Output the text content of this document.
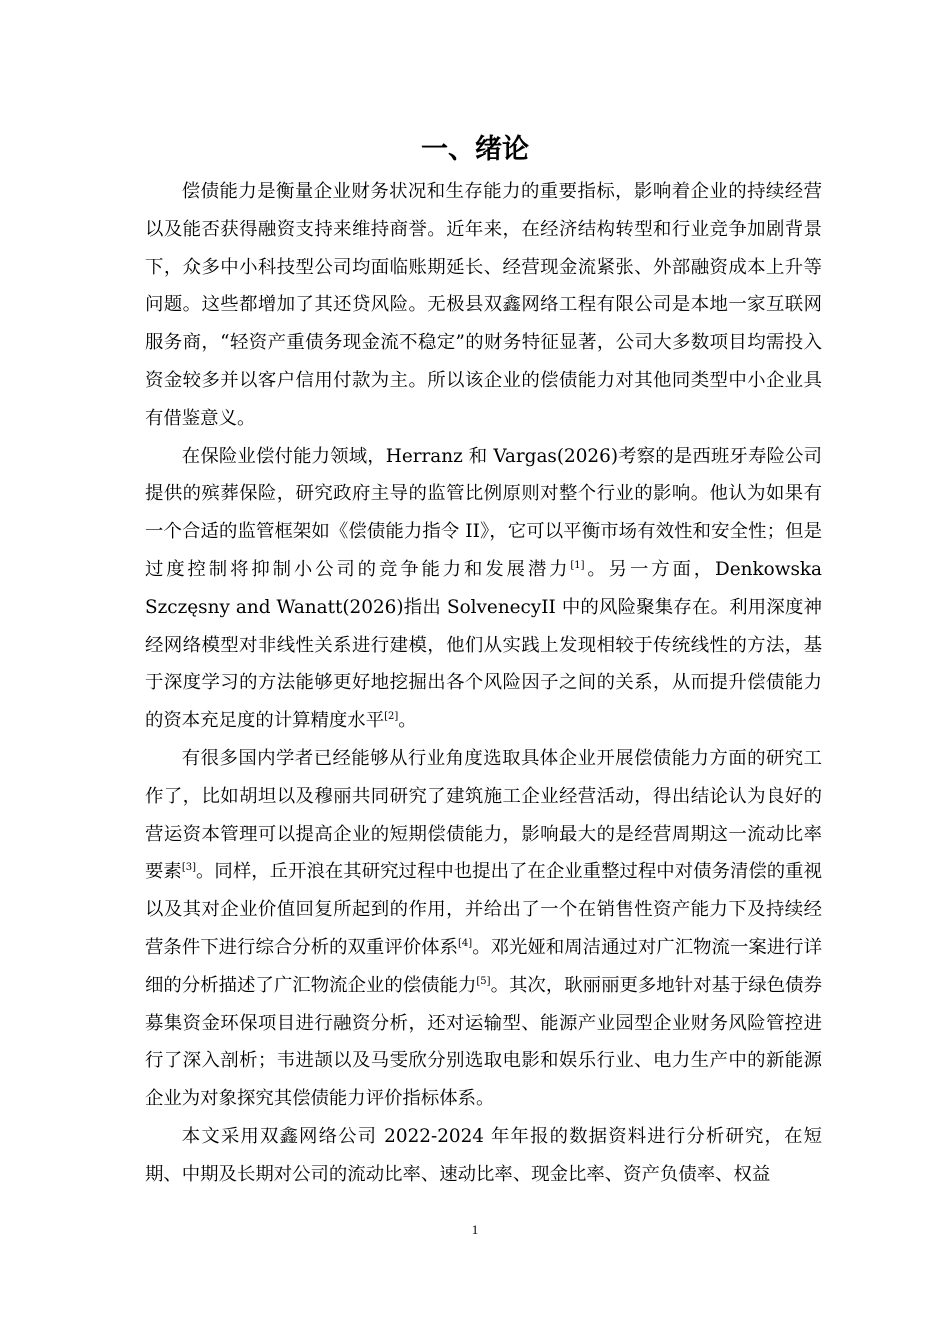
一、绪论

偿债能力是衡量企业财务状况和生存能力的重要指标，影响着企业的持续经营以及能否获得融资支持来维持商誉。近年来，在经济结构转型和行业竞争加剧背景下，众多中小科技型公司均面临账期延长、经营现金流紧张、外部融资成本上升等问题。这些都增加了其还贷风险。无极县双鑫网络工程有限公司是本地一家互联网服务商，“轻资产重债务现金流不稳定”的财务特征显著，公司大多数项目均需投入资金较多并以客户信用付款为主。所以该企业的偿债能力对其他同类型中小企业具有借鉴意义。

在保险业偿付能力领域，Herranz 和 Vargas(2026)考察的是西班牙寿险公司提供的殡葬保险，研究政府主导的监管比例原则对整个行业的影响。他认为如果有一个合适的监管框架如《偿债能力指令 II》，它可以平衡市场有效性和安全性；但是过度控制将抑制小公司的竞争能力和发展潜力[1]。另一方面，Denkowska Szczęsny and Wanatt(2026)指出 SolvenecyII 中的风险聚集存在。利用深度神经网络模型对非线性关系进行建模，他们从实践上发现相较于传统线性的方法，基于深度学习的方法能够更好地挖掘出各个风险因子之间的关系，从而提升偿债能力的资本充足度的计算精度水平[2]。

有很多国内学者已经能够从行业角度选取具体企业开展偿债能力方面的研究工作了，比如胡坦以及穆丽共同研究了建筑施工企业经营活动，得出结论认为良好的营运资本管理可以提高企业的短期偿债能力，影响最大的是经营周期这一流动比率要素[3]。同样，丘开浪在其研究过程中也提出了在企业重整过程中对债务清偿的重视以及其对企业价值回复所起到的作用，并给出了一个在销售性资产能力下及持续经营条件下进行综合分析的双重评价体系[4]。邓光娅和周洁通过对广汇物流一案进行详细的分析描述了广汇物流企业的偿债能力[5]。其次，耿丽丽更多地针对基于绿色债券募集资金环保项目进行融资分析，还对运输型、能源产业园型企业财务风险管控进行了深入剖析；韦进颉以及马雯欣分别选取电影和娱乐行业、电力生产中的新能源企业为对象探究其偿债能力评价指标体系。

本文采用双鑫网络公司 2022-2024 年年报的数据资料进行分析研究，在短期、中期及长期对公司的流动比率、速动比率、现金比率、资产负债率、权益

1
